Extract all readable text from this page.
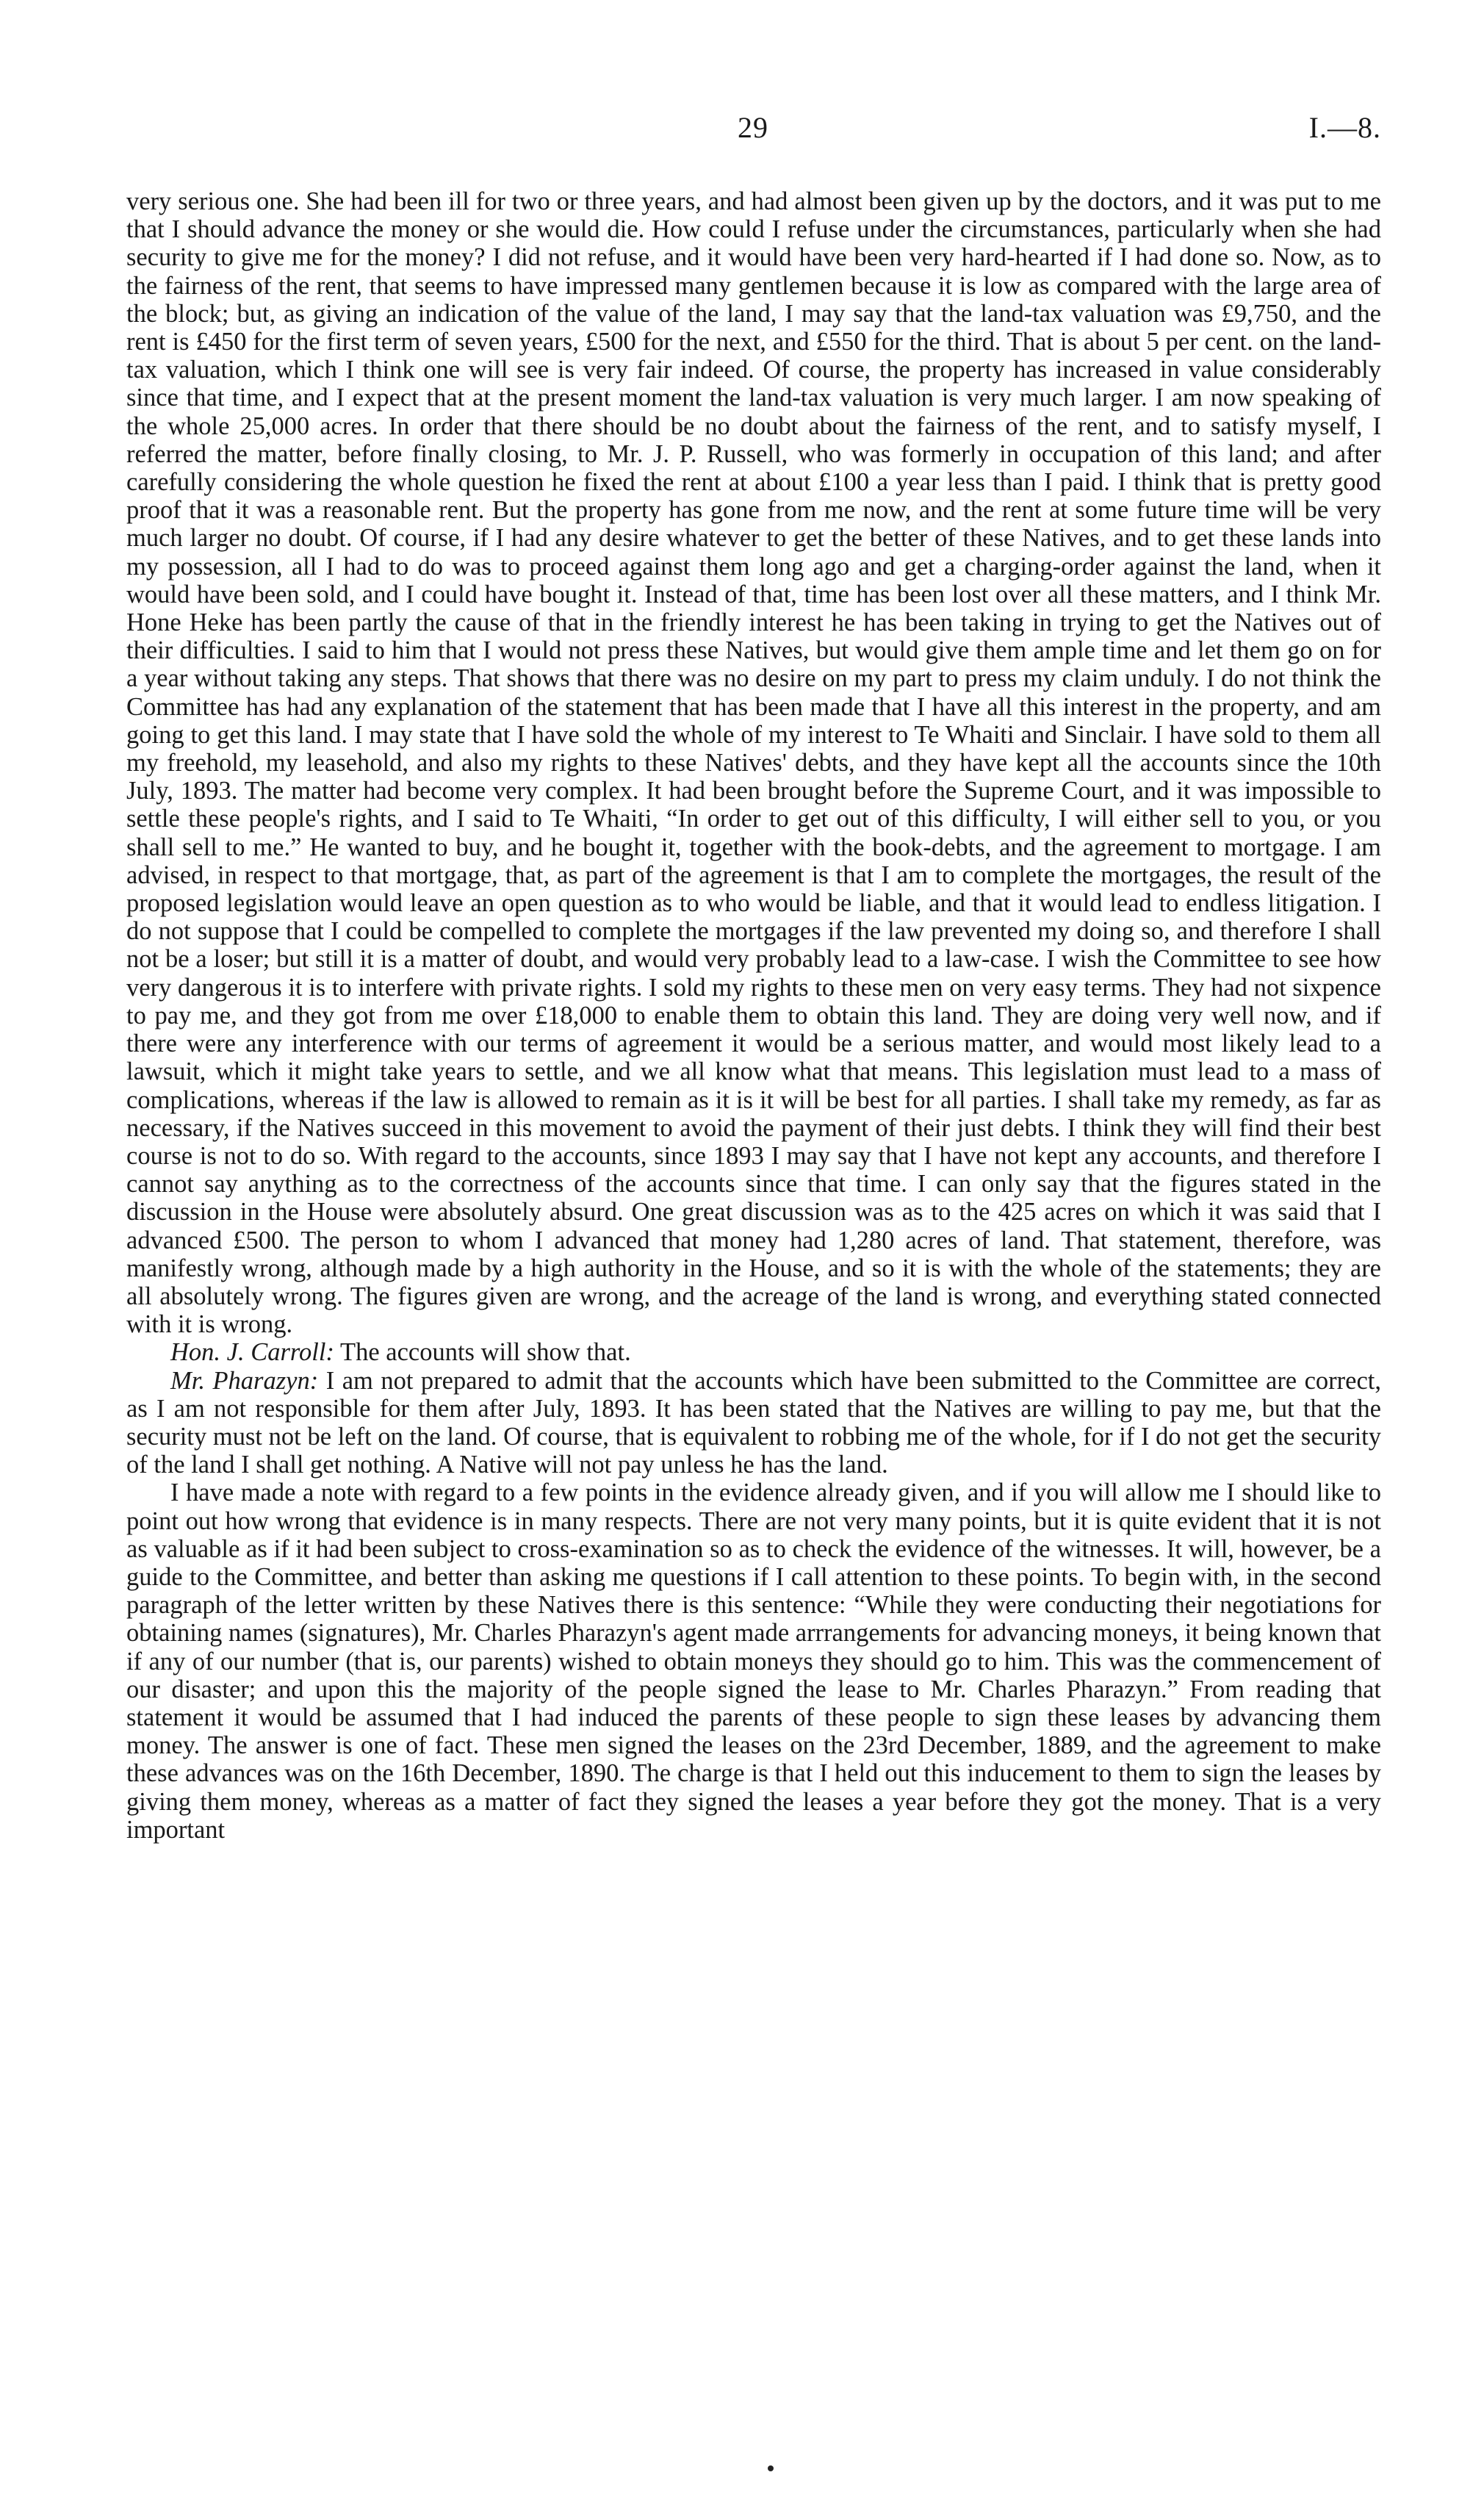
29	I.—8.

very serious one. She had been ill for two or three years, and had almost been given up by the doctors, and it was put to me that I should advance the money or she would die. How could I refuse under the circumstances, particularly when she had security to give me for the money? I did not refuse, and it would have been very hard-hearted if I had done so. Now, as to the fairness of the rent, that seems to have impressed many gentlemen because it is low as compared with the large area of the block; but, as giving an indication of the value of the land, I may say that the land-tax valuation was £9,750, and the rent is £450 for the first term of seven years, £500 for the next, and £550 for the third. That is about 5 per cent. on the land-tax valuation, which I think one will see is very fair indeed. Of course, the property has increased in value considerably since that time, and I expect that at the present moment the land-tax valuation is very much larger. I am now speaking of the whole 25,000 acres. In order that there should be no doubt about the fairness of the rent, and to satisfy myself, I referred the matter, before finally closing, to Mr. J. P. Russell, who was formerly in occupation of this land; and after carefully considering the whole question he fixed the rent at about £100 a year less than I paid. I think that is pretty good proof that it was a reasonable rent. But the property has gone from me now, and the rent at some future time will be very much larger no doubt. Of course, if I had any desire whatever to get the better of these Natives, and to get these lands into my possession, all I had to do was to proceed against them long ago and get a charging-order against the land, when it would have been sold, and I could have bought it. Instead of that, time has been lost over all these matters, and I think Mr. Hone Heke has been partly the cause of that in the friendly interest he has been taking in trying to get the Natives out of their difficulties. I said to him that I would not press these Natives, but would give them ample time and let them go on for a year without taking any steps. That shows that there was no desire on my part to press my claim unduly. I do not think the Committee has had any explanation of the statement that has been made that I have all this interest in the property, and am going to get this land. I may state that I have sold the whole of my interest to Te Whaiti and Sinclair. I have sold to them all my freehold, my leasehold, and also my rights to these Natives' debts, and they have kept all the accounts since the 10th July, 1893. The matter had become very complex. It had been brought before the Supreme Court, and it was impossible to settle these people's rights, and I said to Te Whaiti, “In order to get out of this difficulty, I will either sell to you, or you shall sell to me.” He wanted to buy, and he bought it, together with the book-debts, and the agreement to mortgage. I am advised, in respect to that mortgage, that, as part of the agreement is that I am to complete the mortgages, the result of the proposed legislation would leave an open question as to who would be liable, and that it would lead to endless litigation. I do not suppose that I could be compelled to complete the mortgages if the law prevented my doing so, and therefore I shall not be a loser; but still it is a matter of doubt, and would very probably lead to a law-case. I wish the Committee to see how very dangerous it is to interfere with private rights. I sold my rights to these men on very easy terms. They had not sixpence to pay me, and they got from me over £18,000 to enable them to obtain this land. They are doing very well now, and if there were any interference with our terms of agreement it would be a serious matter, and would most likely lead to a lawsuit, which it might take years to settle, and we all know what that means. This legislation must lead to a mass of complications, whereas if the law is allowed to remain as it is it will be best for all parties. I shall take my remedy, as far as necessary, if the Natives succeed in this movement to avoid the payment of their just debts. I think they will find their best course is not to do so. With regard to the accounts, since 1893 I may say that I have not kept any accounts, and therefore I cannot say anything as to the correctness of the accounts since that time. I can only say that the figures stated in the discussion in the House were absolutely absurd. One great discussion was as to the 425 acres on which it was said that I advanced £500. The person to whom I advanced that money had 1,280 acres of land. That statement, therefore, was manifestly wrong, although made by a high authority in the House, and so it is with the whole of the statements; they are all absolutely wrong. The figures given are wrong, and the acreage of the land is wrong, and everything stated connected with it is wrong.

Hon. J. Carroll: The accounts will show that.

Mr. Pharazyn: I am not prepared to admit that the accounts which have been submitted to the Committee are correct, as I am not responsible for them after July, 1893. It has been stated that the Natives are willing to pay me, but that the security must not be left on the land. Of course, that is equivalent to robbing me of the whole, for if I do not get the security of the land I shall get nothing. A Native will not pay unless he has the land.

I have made a note with regard to a few points in the evidence already given, and if you will allow me I should like to point out how wrong that evidence is in many respects. There are not very many points, but it is quite evident that it is not as valuable as if it had been subject to cross-examination so as to check the evidence of the witnesses. It will, however, be a guide to the Committee, and better than asking me questions if I call attention to these points. To begin with, in the second paragraph of the letter written by these Natives there is this sentence: “While they were conducting their negotiations for obtaining names (signatures), Mr. Charles Pharazyn's agent made arrrangements for advancing moneys, it being known that if any of our number (that is, our parents) wished to obtain moneys they should go to him. This was the commencement of our disaster; and upon this the majority of the people signed the lease to Mr. Charles Pharazyn.” From reading that statement it would be assumed that I had induced the parents of these people to sign these leases by advancing them money. The answer is one of fact. These men signed the leases on the 23rd December, 1889, and the agreement to make these advances was on the 16th December, 1890. The charge is that I held out this inducement to them to sign the leases by giving them money, whereas as a matter of fact they signed the leases a year before they got the money. That is a very important
